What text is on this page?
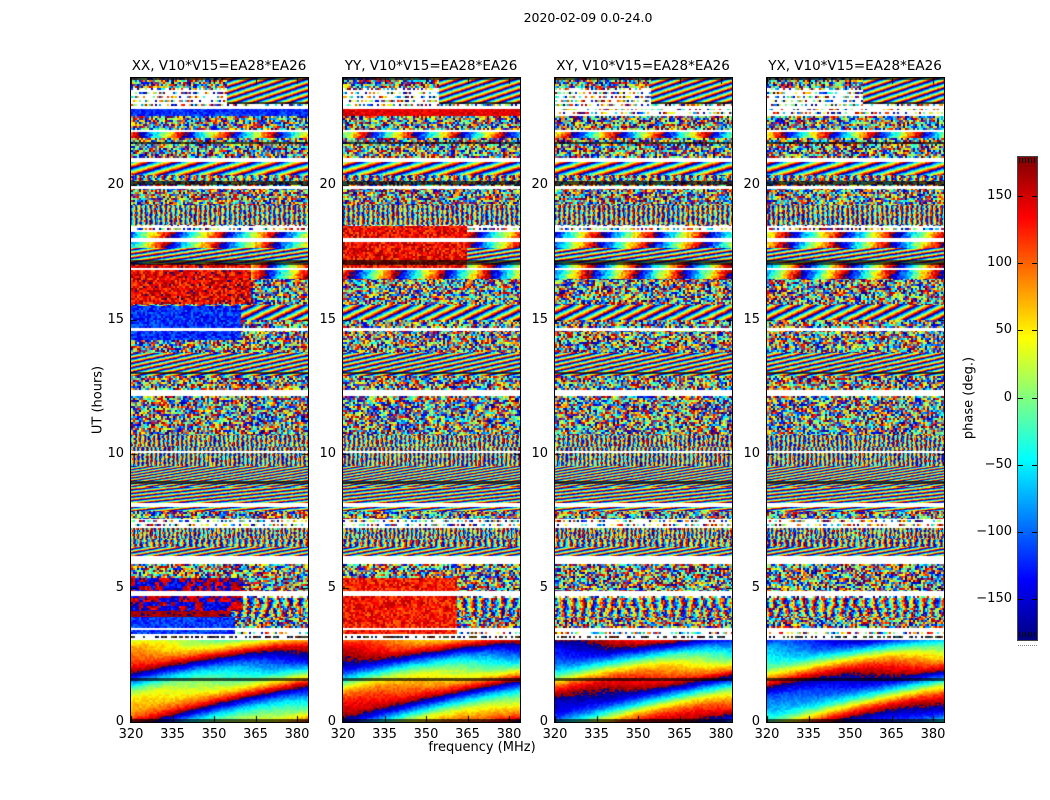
2020-02-09 0.0-24.0
XX, V10*V15=EA28*EA26	YY, V10*V15=EA28*EA26	XY, V10*V15=EA28*EA26	YX, V10*V15=EA28*EA26
UT (hours)
frequency (MHz)
phase (deg.)
320	335	350	365	380
0
5
10
15
20
320	335	350	365	380
0
5
10
15
20
320	335	350	365	380
0
5
10
15
20
320	335	350	365	380
0
5
10
15
20
150
100
50
0
−50
−100
−150
